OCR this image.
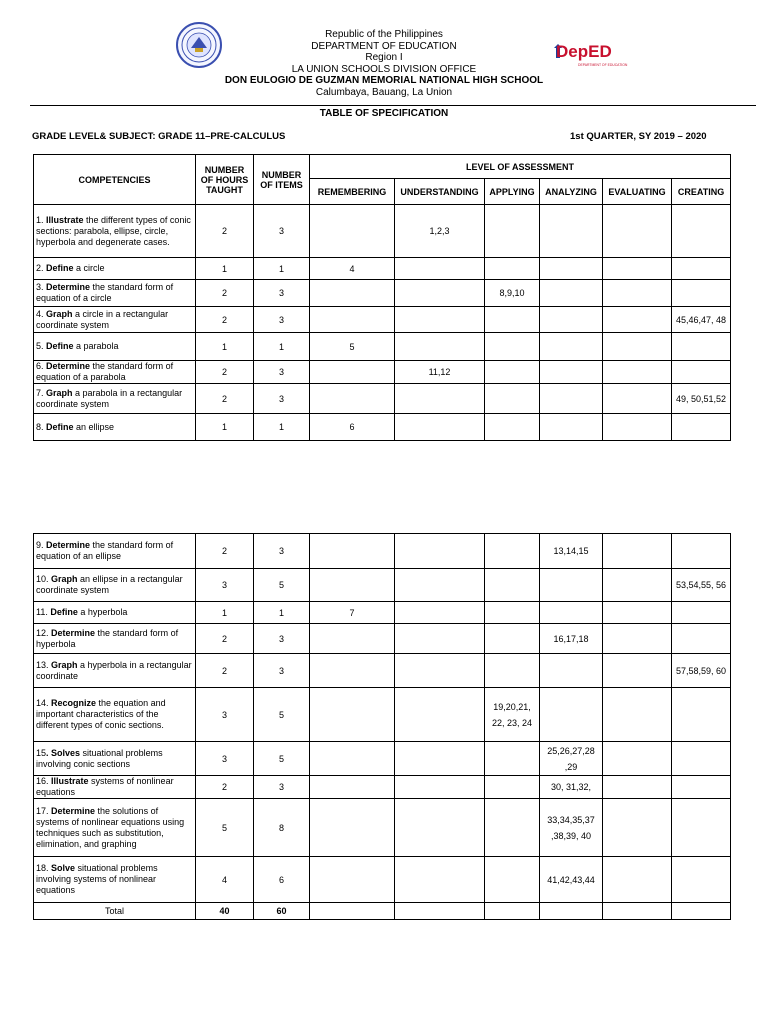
Republic of the Philippines
DEPARTMENT OF EDUCATION
Region I
LA UNION SCHOOLS DIVISION OFFICE
DON EULOGIO DE GUZMAN MEMORIAL NATIONAL HIGH SCHOOL
Calumbaya, Bauang, La Union
DepED
DEPARTMENT OF EDUCATION
TABLE OF SPECIFICATION
GRADE LEVEL& SUBJECT: GRADE 11–PRE-CALCULUS	1st QUARTER, SY 2019 – 2020
COMPETENCIES	NUMBER OF HOURS TAUGHT	NUMBER OF ITEMS	LEVEL OF ASSESSMENT					
			REMEMBERING	UNDERSTANDING	APPLYING	ANALYZING	EVALUATING	CREATING
1. Illustrate the different types of conic sections: parabola, ellipse, circle, hyperbola and degenerate cases.	2	3		1,2,3				
2. Define a circle	1	1	4					
3. Determine the standard form of equation of a circle	2	3			8,9,10			
4. Graph a circle in a rectangular coordinate system	2	3						45,46,47, 48
5. Define a parabola	1	1	5					
6. Determine the standard form of equation of a parabola	2	3		11,12				
7. Graph a parabola in a rectangular coordinate system	2	3						49, 50,51,52
8. Define an ellipse	1	1	6					
9. Determine the standard form of equation of an ellipse	2	3				13,14,15		
10. Graph an ellipse in a rectangular coordinate system	3	5						53,54,55, 56
11. Define a hyperbola	1	1	7					
12. Determine the standard form of hyperbola	2	3				16,17,18		
13. Graph a hyperbola in a rectangular coordinate	2	3						57,58,59, 60
14. Recognize the equation and important characteristics of the different types of conic sections.	3	5			19,20,21, 22, 23, 24			
15. Solves situational problems involving conic sections	3	5				25,26,27,28 ,29		
16. Illustrate systems of nonlinear equations	2	3				30, 31,32,		
17. Determine the solutions of systems of nonlinear equations using techniques such as substitution, elimination, and graphing	5	8				33,34,35,37 ,38,39, 40		
18. Solve situational problems involving systems of nonlinear equations	4	6				41,42,43,44		
Total	40	60						
